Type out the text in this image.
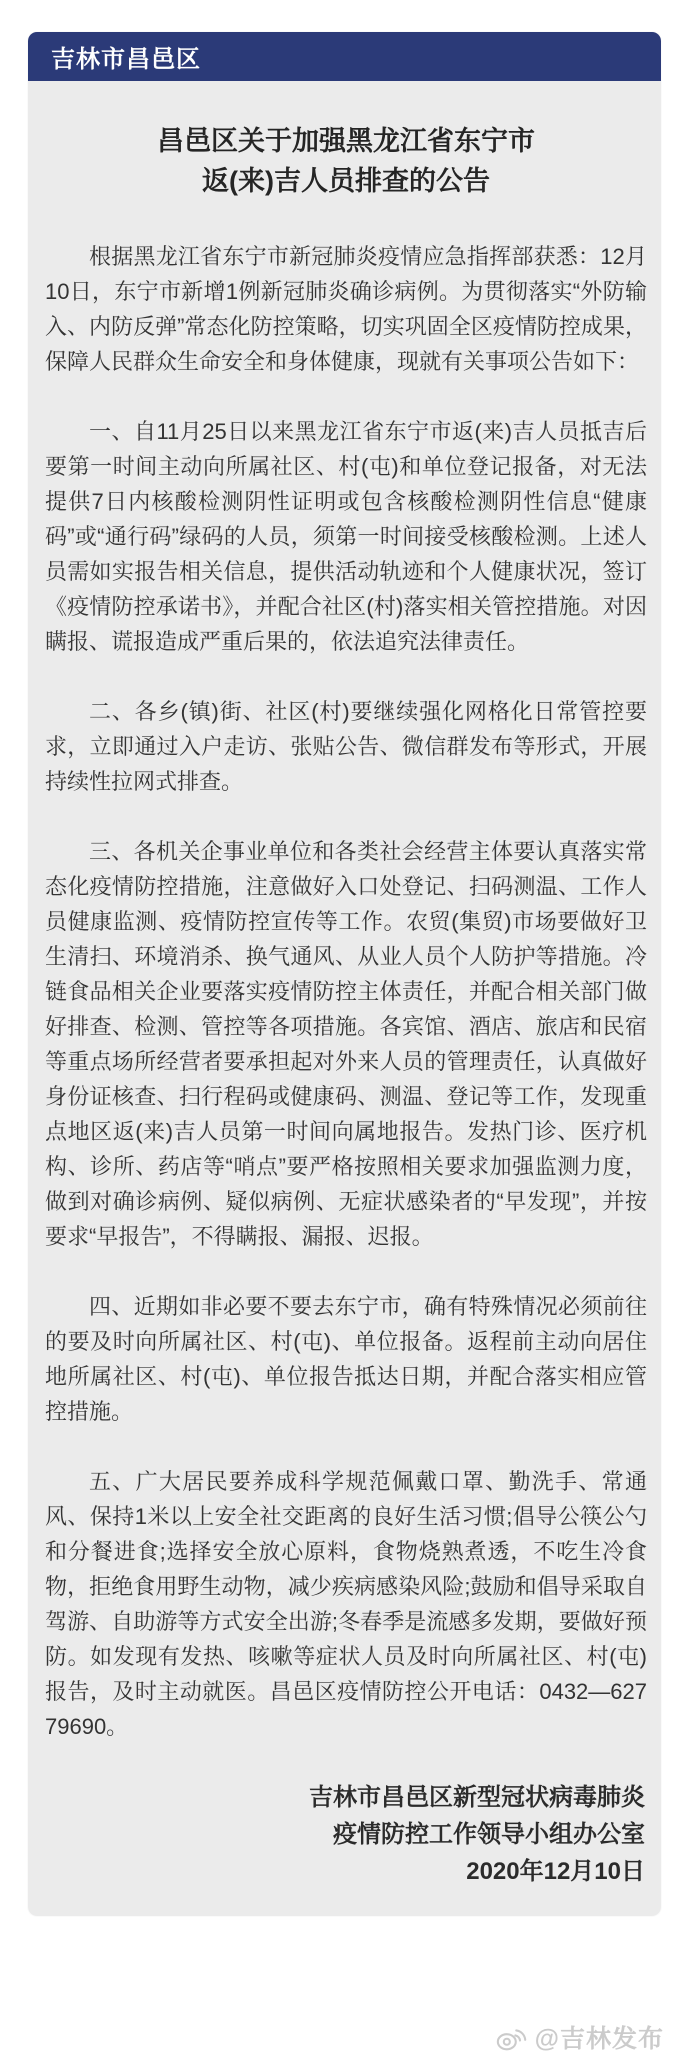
吉林市昌邑区
昌邑区关于加强黑龙江省东宁市
返(来)吉人员排查的公告

根据黑龙江省东宁市新冠肺炎疫情应急指挥部获悉：12月10日，东宁市新增1例新冠肺炎确诊病例。为贯彻落实“外防输入、内防反弹”常态化防控策略，切实巩固全区疫情防控成果，保障人民群众生命安全和身体健康，现就有关事项公告如下：

一、自11月25日以来黑龙江省东宁市返(来)吉人员抵吉后要第一时间主动向所属社区、村(屯)和单位登记报备，对无法提供7日内核酸检测阴性证明或包含核酸检测阴性信息“健康码”或“通行码”绿码的人员，须第一时间接受核酸检测。上述人员需如实报告相关信息，提供活动轨迹和个人健康状况，签订《疫情防控承诺书》，并配合社区(村)落实相关管控措施。对因瞒报、谎报造成严重后果的，依法追究法律责任。

二、各乡(镇)街、社区(村)要继续强化网格化日常管控要求，立即通过入户走访、张贴公告、微信群发布等形式，开展持续性拉网式排查。

三、各机关企事业单位和各类社会经营主体要认真落实常态化疫情防控措施，注意做好入口处登记、扫码测温、工作人员健康监测、疫情防控宣传等工作。农贸(集贸)市场要做好卫生清扫、环境消杀、换气通风、从业人员个人防护等措施。冷链食品相关企业要落实疫情防控主体责任，并配合相关部门做好排查、检测、管控等各项措施。各宾馆、酒店、旅店和民宿等重点场所经营者要承担起对外来人员的管理责任，认真做好身份证核查、扫行程码或健康码、测温、登记等工作，发现重点地区返(来)吉人员第一时间向属地报告。发热门诊、医疗机构、诊所、药店等“哨点”要严格按照相关要求加强监测力度，做到对确诊病例、疑似病例、无症状感染者的“早发现”，并按要求“早报告”，不得瞒报、漏报、迟报。

四、近期如非必要不要去东宁市，确有特殊情况必须前往的要及时向所属社区、村(屯)、单位报备。返程前主动向居住地所属社区、村(屯)、单位报告抵达日期，并配合落实相应管控措施。

五、广大居民要养成科学规范佩戴口罩、勤洗手、常通风、保持1米以上安全社交距离的良好生活习惯;倡导公筷公勺和分餐进食;选择安全放心原料，食物烧熟煮透，不吃生冷食物，拒绝食用野生动物，减少疾病感染风险;鼓励和倡导采取自驾游、自助游等方式安全出游;冬春季是流感多发期，要做好预防。如发现有发热、咳嗽等症状人员及时向所属社区、村(屯)报告，及时主动就医。昌邑区疫情防控公开电话：0432—62779690。

吉林市昌邑区新型冠状病毒肺炎
疫情防控工作领导小组办公室
2020年12月10日
@吉林发布
